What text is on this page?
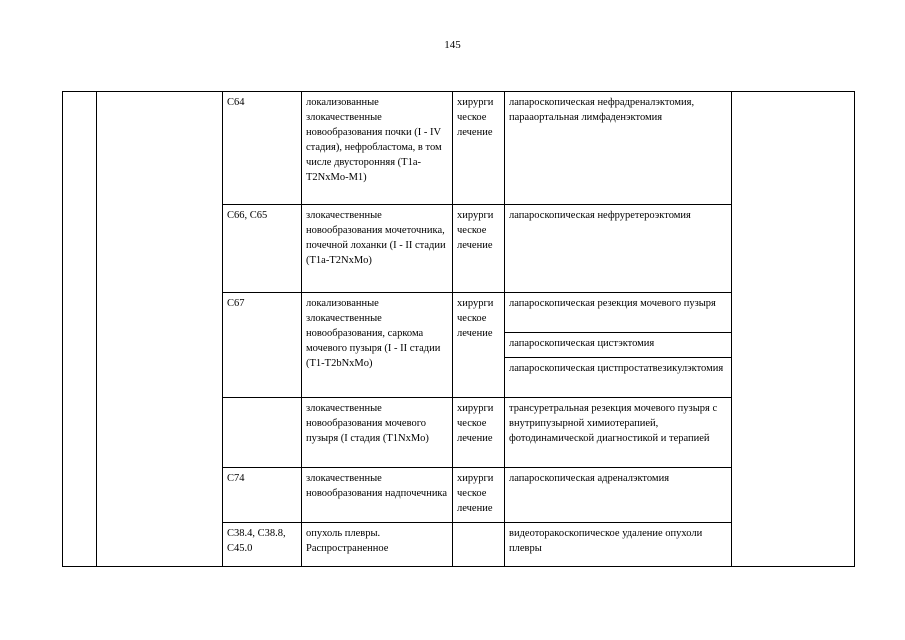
145
		C64	локализованные злокачественные новообразования почки (I - IV стадия), нефробластома, в том числе двусторонняя (T1a-T2NxMo-M1)	хирурги ческое лечение	лапароскопическая нефрадреналэктомия, парааортальная лимфаденэктомия	
		C66, C65	злокачественные новообразования мочеточника, почечной лоханки (I - II стадии (T1a-T2NxMo)	хирурги ческое лечение	лапароскопическая нефруретероэктомия	
		C67	локализованные злокачественные новообразования, саркома мочевого пузыря (I - II стадии (T1-T2bNxMo)	хирурги ческое лечение	лапароскопическая резекция мочевого пузыря	
					лапароскопическая цистэктомия	
					лапароскопическая цистпростатвезикулэктомия	
			злокачественные новообразования мочевого пузыря (I стадия (T1NxMo)	хирурги ческое лечение	трансуретральная резекция мочевого пузыря с внутрипузырной химиотерапией, фотодинамической диагностикой и терапией	
		C74	злокачественные новообразования надпочечника	хирурги ческое лечение	лапароскопическая адреналэктомия	
		C38.4, C38.8, C45.0	опухоль плевры. Распространенное		видеоторакоскопическое удаление опухоли плевры	
